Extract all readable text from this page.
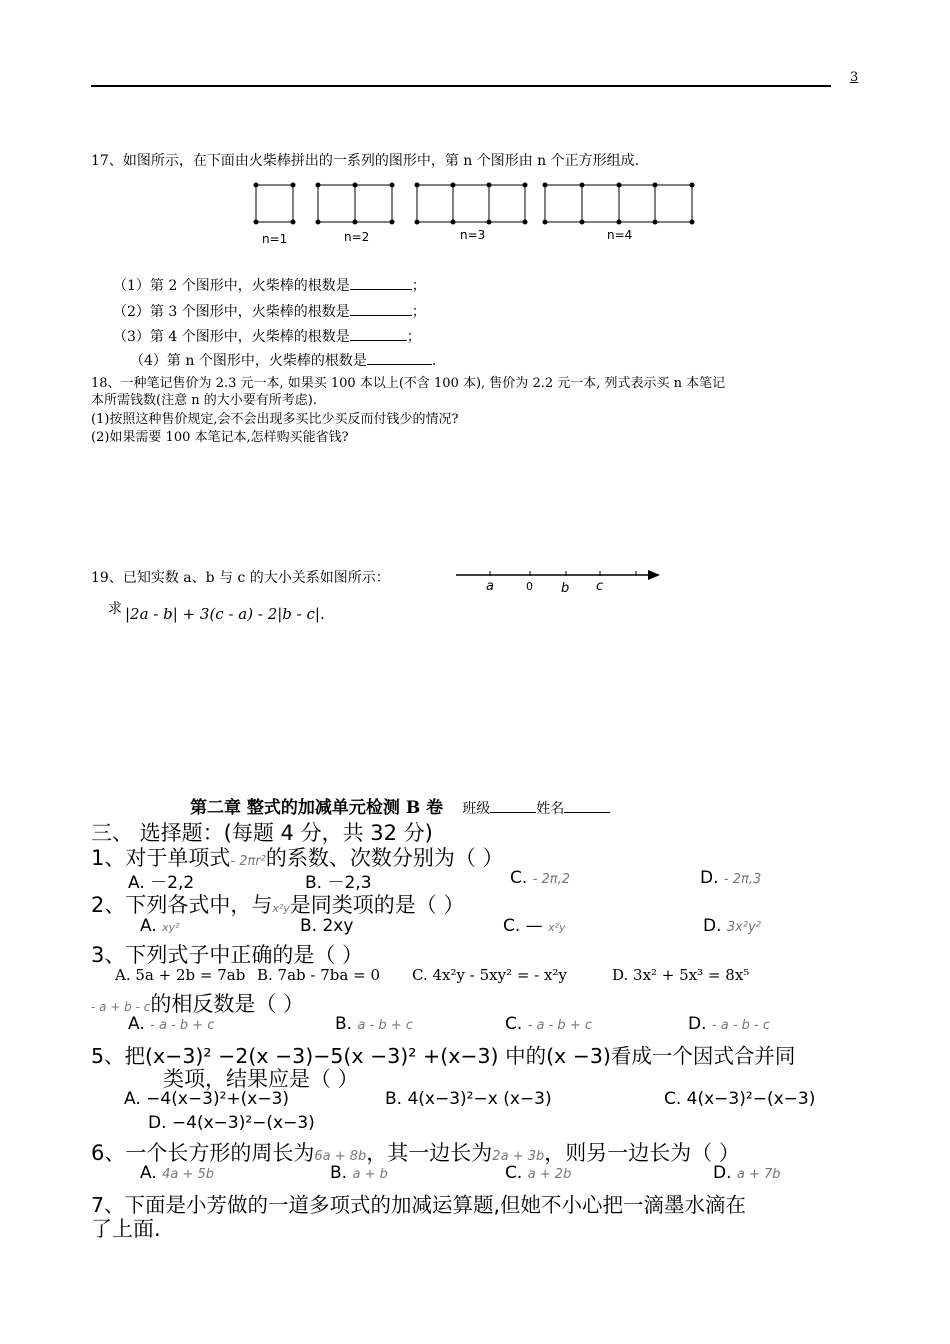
3
17、如图所示，在下面由火柴棒拼出的一系列的图形中，第 n 个图形由 n 个正方形组成.
n=1	n=2	n=3	n=4
（1）第 2 个图形中，火柴棒的根数是	；
（2）第 3 个图形中，火柴棒的根数是	；
（3）第 4 个图形中，火柴棒的根数是	；
（4）第 n 个图形中，火柴棒的根数是	.
18、一种笔记售价为 2.3 元一本, 如果买 100 本以上(不含 100 本), 售价为 2.2 元一本, 列式表示买 n 本笔记
本所需钱数(注意 n 的大小要有所考虑).
(1)按照这种售价规定,会不会出现多买比少买反而付钱少的情况?
(2)如果需要 100 本笔记本,怎样购买能省钱?
19、已知实数 a、b 与 c 的大小关系如图所示：
a	0 b c
求 |2a - b| + 3(c - a) - 2|b - c|.
第二章 整式的加减单元检测 B 卷 班级	姓名
三、 选择题：(每题 4 分，共 32 分)
1、对于单项式- 2πr²的系数、次数分别为（ ）
A. －2,2	B. －2,3	C. - 2π,2	D. - 2π,3
2、下列各式中，与x²y是同类项的是（ ）
A. xy²	B. 2xy	C. — x²y	D. 3x²y²
3、下列式子中正确的是（ ）
A. 5a + 2b = 7ab B. 7ab - 7ba = 0 C. 4x²y - 5xy² = - x²y	D. 3x² + 5x³ = 8x⁵
- a + b - c的相反数是（ ）
A. - a - b + c	B. a - b + c	C. - a - b + c	D. - a - b - c
5、把(x−3)² −2(x −3)−5(x −3)² +(x−3) 中的(x −3)看成一个因式合并同
类项，结果应是（ ）
A. −4(x−3)²+(x−3)	B. 4(x−3)²−x (x−3)	C. 4(x−3)²−(x−3)
D. −4(x−3)²−(x−3)
6、一个长方形的周长为6a + 8b，其一边长为2a + 3b，则另一边长为（ ）
A. 4a + 5b	B. a + b	C. a + 2b	D. a + 7b
7、下面是小芳做的一道多项式的加减运算题,但她不小心把一滴墨水滴在
了上面.
